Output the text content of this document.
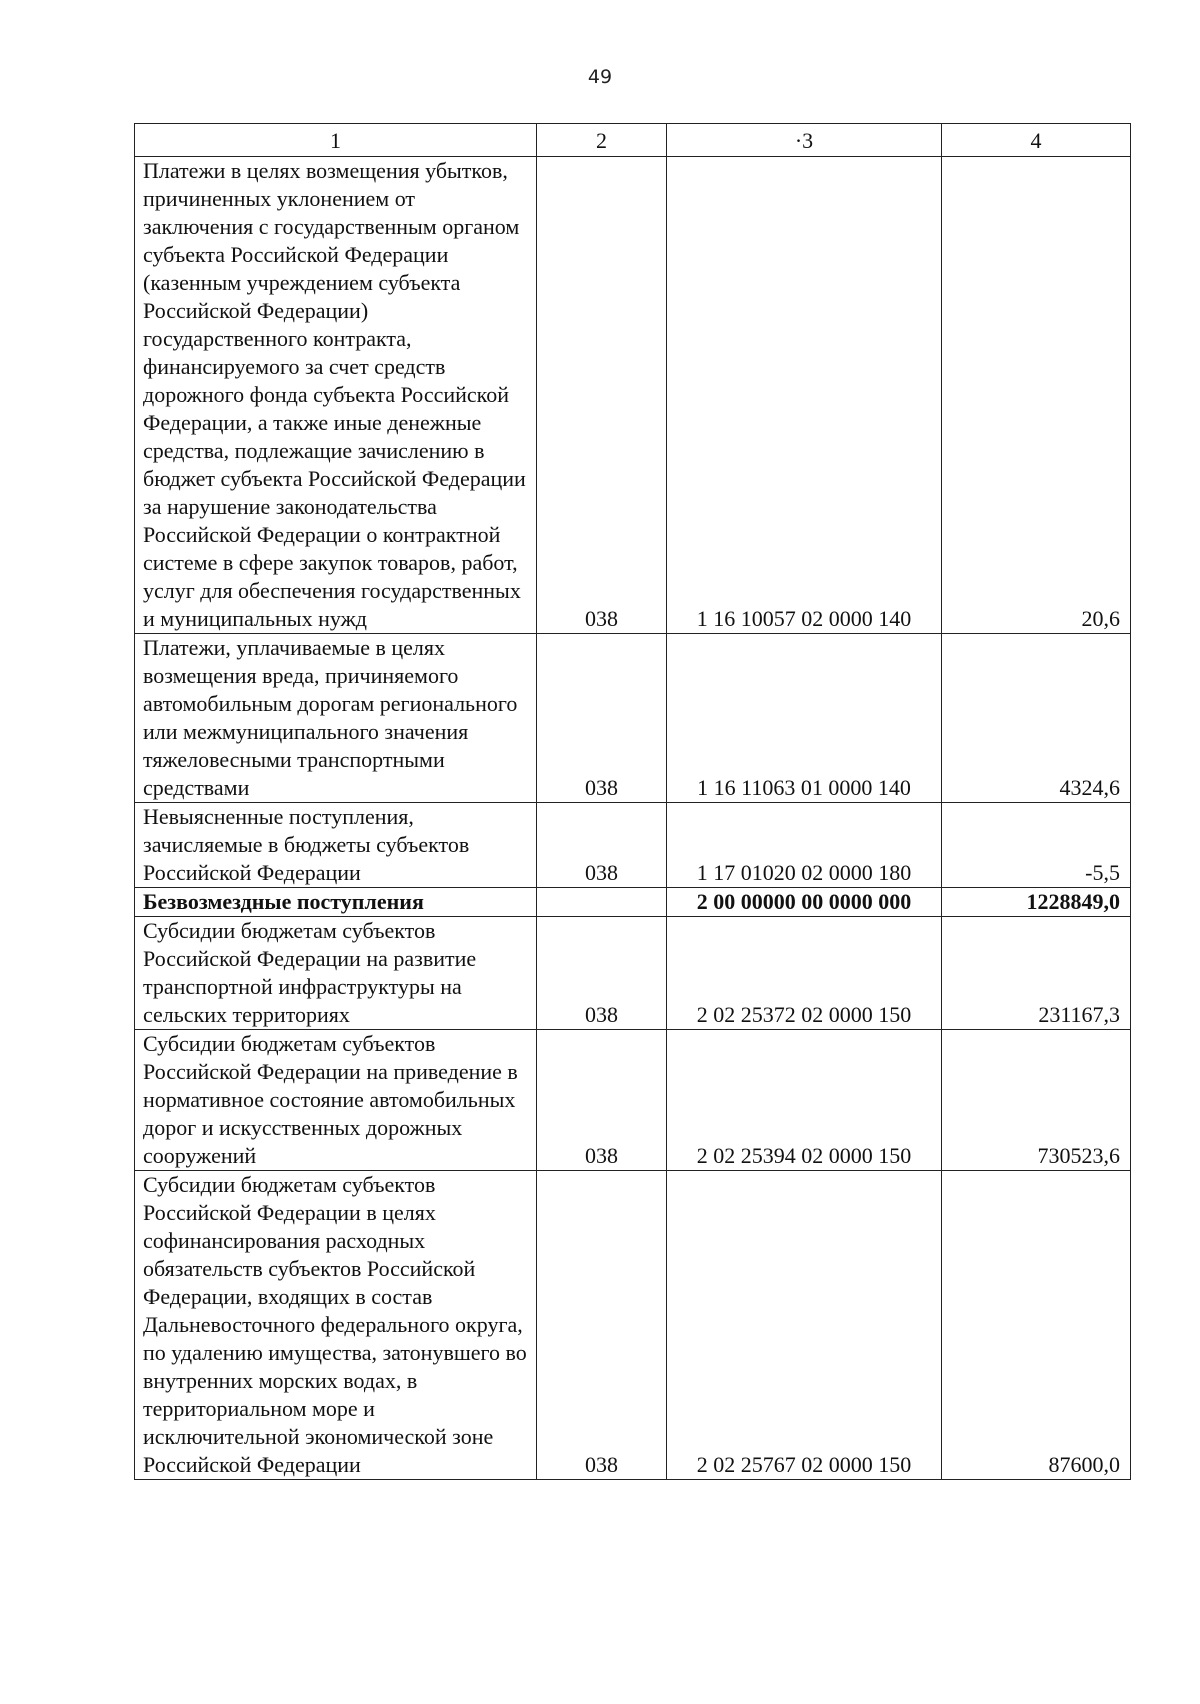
49
1	2	·3	4
Платежи в целях возмещения убытков, причиненных уклонением от заключения с государственным органом субъекта Российской Федерации (казенным учреждением субъекта Российской Федерации) государственного контракта, финансируемого за счет средств дорожного фонда субъекта Российской Федерации, а также иные денежные средства, подлежащие зачислению в бюджет субъекта Российской Федерации за нарушение законодательства Российской Федерации о контрактной системе в сфере закупок товаров, работ, услуг для обеспечения государственных и муниципальных нужд	038	1 16 10057 02 0000 140	20,6
Платежи, уплачиваемые в целях возмещения вреда, причиняемого автомобильным дорогам регионального или межмуниципального значения тяжеловесными транспортными средствами	038	1 16 11063 01 0000 140	4324,6
Невыясненные поступления, зачисляемые в бюджеты субъектов Российской Федерации	038	1 17 01020 02 0000 180	-5,5
Безвозмездные поступления		2 00 00000 00 0000 000	1228849,0
Субсидии бюджетам субъектов Российской Федерации на развитие транспортной инфраструктуры на сельских территориях	038	2 02 25372 02 0000 150	231167,3
Субсидии бюджетам субъектов Российской Федерации на приведение в нормативное состояние автомобильных дорог и искусственных дорожных сооружений	038	2 02 25394 02 0000 150	730523,6
Субсидии бюджетам субъектов Российской Федерации в целях софинансирования расходных обязательств субъектов Российской Федерации, входящих в состав Дальневосточного федерального округа, по удалению имущества, затонувшего во внутренних морских водах, в территориальном море и исключительной экономической зоне Российской Федерации	038	2 02 25767 02 0000 150	87600,0
